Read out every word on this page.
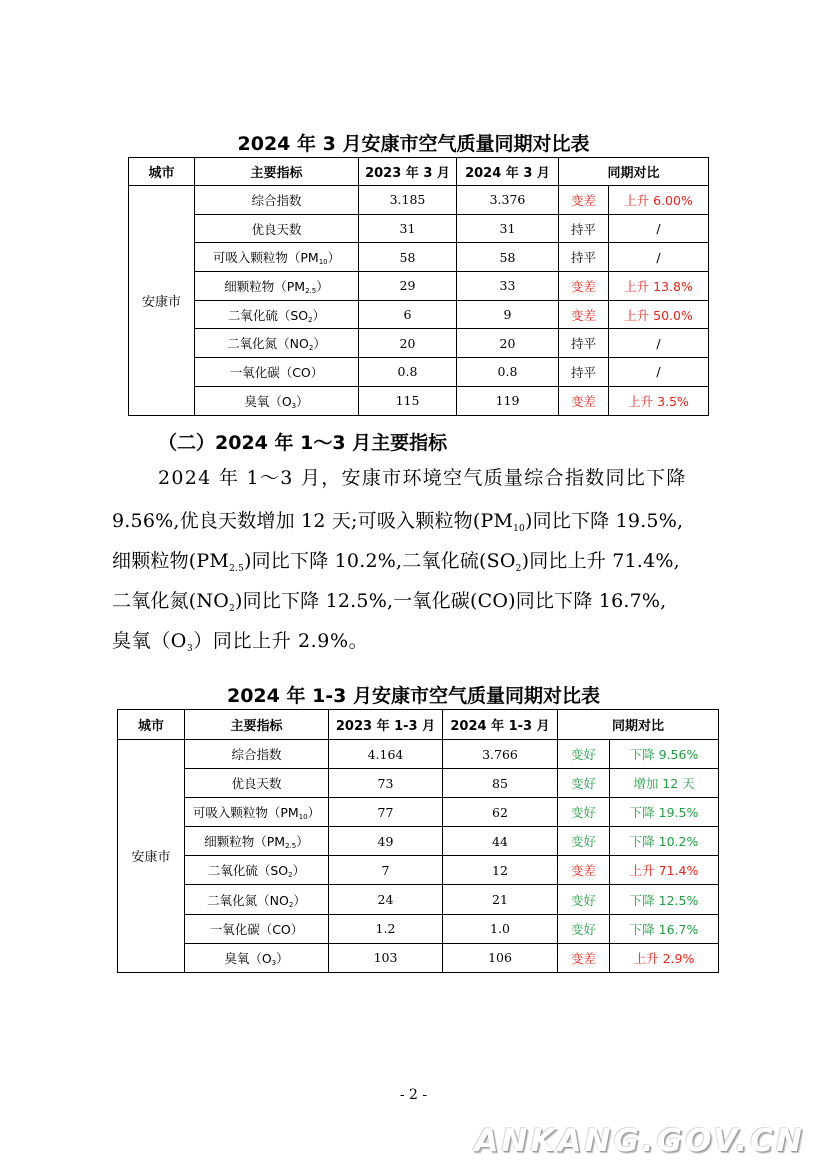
2024 年 3 月安康市空气质量同期对比表
城市	主要指标	2023 年 3 月	2024 年 3 月	同期对比	
安康市	综合指数	3.185	3.376	变差	上升 6.00%
	优良天数	31	31	持平	/
	可吸入颗粒物$(PM_{10})$	58	58	持平	/
	细颗粒物$(PM_{2.5})$	29	33	变差	上升 13.8%
	二氧化硫$(SO_2)$	6	9	变差	上升 50.0%
	二氧化氮$(NO_2)$	20	20	持平	/
	一氧化碳（CO）	0.8	0.8	持平	/
	臭氧$(O_3)$	115	119	变差	上升 3.5%
（二）2024 年 1～3 月主要指标

2024 年 1～3 月，安康市环境空气质量综合指数同比下降

9.56%,优良天数增加 12 天;可吸入颗粒物$(PM_{10})$同比下降 19.5%,

细颗粒物$(PM_{2.5})$同比下降 10.2%,二氧化硫$(SO_2)$同比上升 71.4%,

二氧化氮$(NO_2)$同比下降 12.5%,一氧化碳(CO)同比下降 16.7%,

臭氧$(O_3)$同比上升 2.9%。

2024 年 1-3 月安康市空气质量同期对比表
城市	主要指标	2023 年 1-3 月	2024 年 1-3 月	同期对比	
安康市	综合指数	4.164	3.766	变好	下降 9.56%
	优良天数	73	85	变好	增加 12 天
	可吸入颗粒物$(PM_{10})$	77	62	变好	下降 19.5%
	细颗粒物$(PM_{2.5})$	49	44	变好	下降 10.2%
	二氧化硫$(SO_2)$	7	12	变差	上升 71.4%
	二氧化氮$(NO_2)$	24	21	变好	下降 12.5%
	一氧化碳（CO）	1.2	1.0	变好	下降 16.7%
	臭氧$(O_3)$	103	106	变差	上升 2.9%

- 2 -

ANKANG.GOV.CN
